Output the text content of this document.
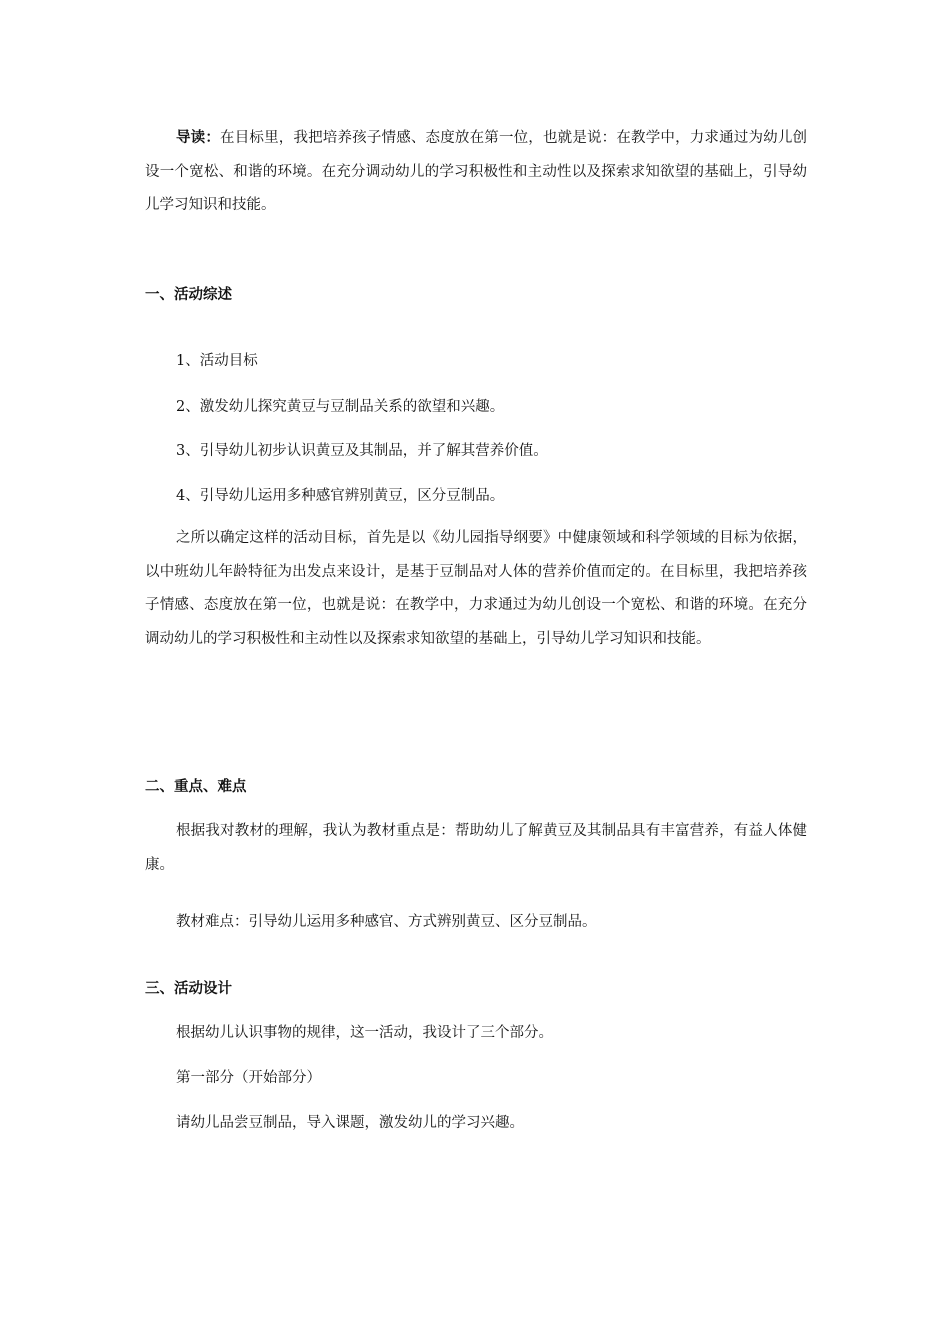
导读：在目标里，我把培养孩子情感、态度放在第一位，也就是说：在教学中，力求通过为幼儿创设一个宽松、和谐的环境。在充分调动幼儿的学习积极性和主动性以及探索求知欲望的基础上，引导幼儿学习知识和技能。

一、活动综述

1、活动目标

2、激发幼儿探究黄豆与豆制品关系的欲望和兴趣。

3、引导幼儿初步认识黄豆及其制品，并了解其营养价值。

4、引导幼儿运用多种感官辨别黄豆，区分豆制品。

之所以确定这样的活动目标，首先是以《幼儿园指导纲要》中健康领域和科学领域的目标为依据，以中班幼儿年龄特征为出发点来设计，是基于豆制品对人体的营养价值而定的。在目标里，我把培养孩子情感、态度放在第一位，也就是说：在教学中，力求通过为幼儿创设一个宽松、和谐的环境。在充分调动幼儿的学习积极性和主动性以及探索求知欲望的基础上，引导幼儿学习知识和技能。

二、重点、难点

根据我对教材的理解，我认为教材重点是：帮助幼儿了解黄豆及其制品具有丰富营养，有益人体健康。

教材难点：引导幼儿运用多种感官、方式辨别黄豆、区分豆制品。

三、活动设计

根据幼儿认识事物的规律，这一活动，我设计了三个部分。

第一部分（开始部分）

请幼儿品尝豆制品，导入课题，激发幼儿的学习兴趣。
